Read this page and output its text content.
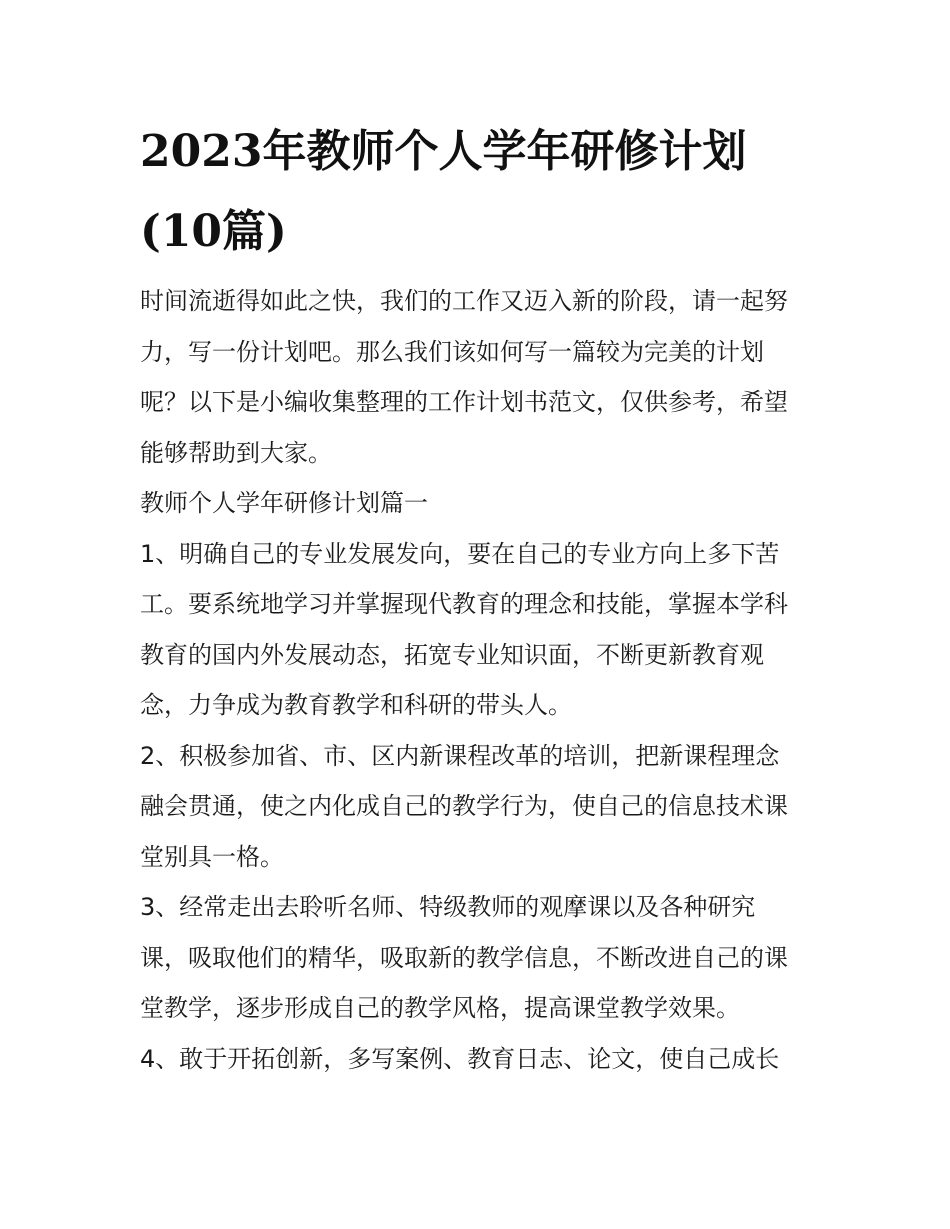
2023年教师个人学年研修计划
(10篇)

时间流逝得如此之快，我们的工作又迈入新的阶段，请一起努
力，写一份计划吧。那么我们该如何写一篇较为完美的计划
呢？以下是小编收集整理的工作计划书范文，仅供参考，希望
能够帮助到大家。

教师个人学年研修计划篇一

1、明确自己的专业发展发向，要在自己的专业方向上多下苦
工。要系统地学习并掌握现代教育的理念和技能，掌握本学科
教育的国内外发展动态，拓宽专业知识面，不断更新教育观
念，力争成为教育教学和科研的带头人。

2、积极参加省、市、区内新课程改革的培训，把新课程理念
融会贯通，使之内化成自己的教学行为，使自己的信息技术课
堂别具一格。

3、经常走出去聆听名师、特级教师的观摩课以及各种研究
课，吸取他们的精华，吸取新的教学信息，不断改进自己的课
堂教学，逐步形成自己的教学风格，提高课堂教学效果。

4、敢于开拓创新，多写案例、教育日志、论文，使自己成长
